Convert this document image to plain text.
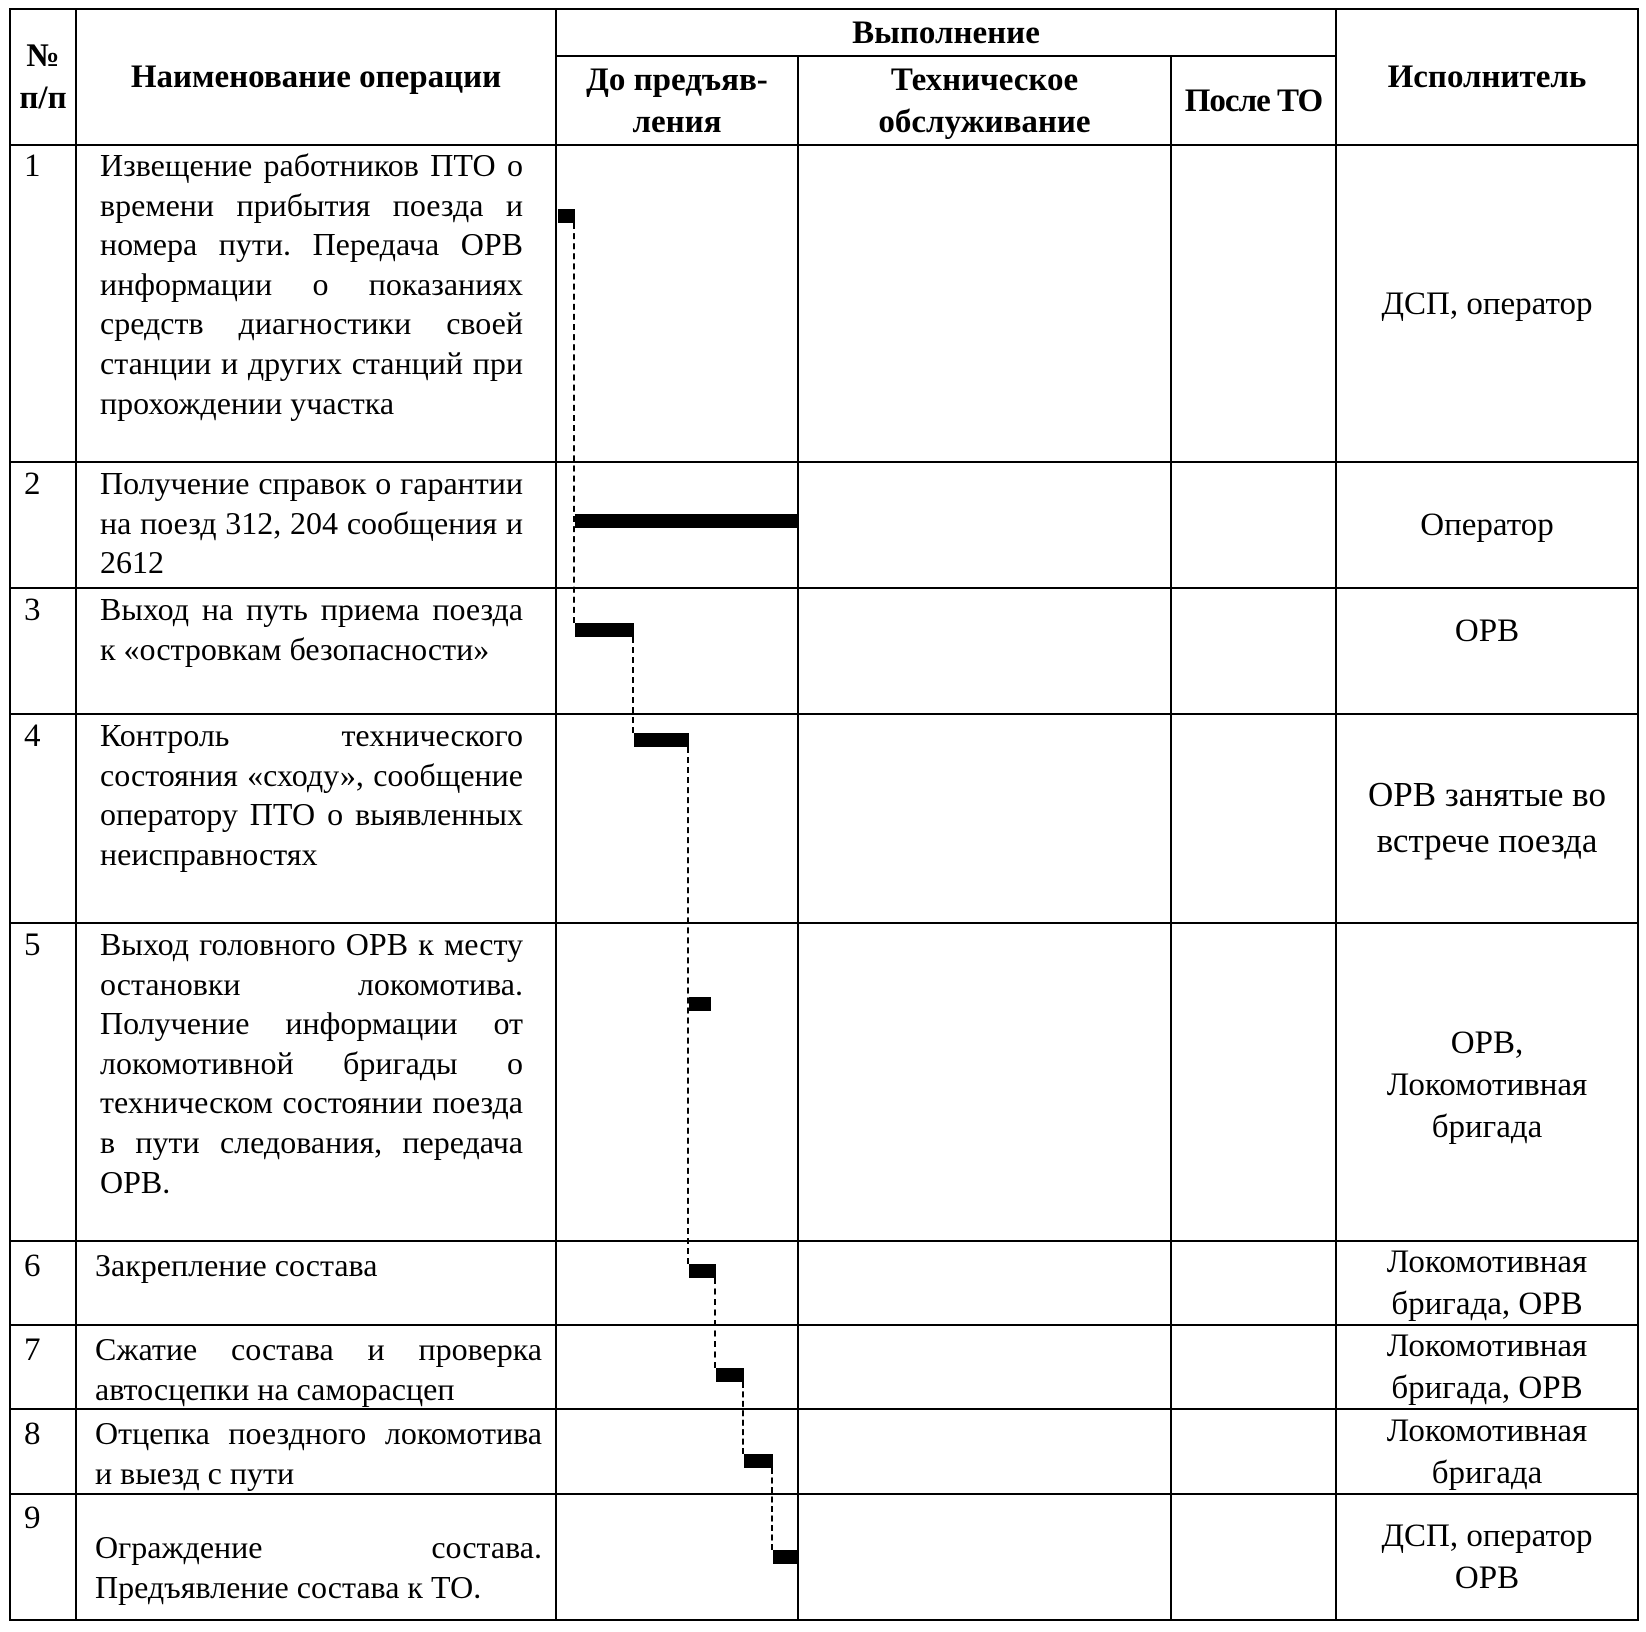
№ п/п
Наименование операции
Выполнение
До предъяв-ления
Техническое обслуживание
После ТО
Исполнитель
1 Извещение работников ПТО о времени прибытия поезда и номера пути. Передача ОРВ информации о показаниях средств диагностики своей станции и других станций при прохождении участка
ДСП, оператор
2 Получение справок о гарантии на поезд 312, 204 сообщения и 2612
Оператор
3 Выход на путь приема поезда к «островкам безопасности»	ОРВ
4 Контроль технического состояния «сходу», сообщение оператору ПТО о выявленных неисправностях
ОРВ занятые во встрече поезда
5 Выход головного ОРВ к месту остановки локомотива. Получение информации от локомотивной бригады о техническом состоянии поезда в пути следования, передача ОРВ.
ОРВ, Локомотивная бригада
6 Закрепление состава	Локомотивная бригада, ОРВ
7 Сжатие состава и проверка автосцепки на саморасцеп
Локомотивная бригада, ОРВ
8 Отцепка поездного локомотива и выезд с пути
Локомотивная бригада
9
Ограждение состава. Предъявление состава к ТО.
ДСП, оператор ОРВ
